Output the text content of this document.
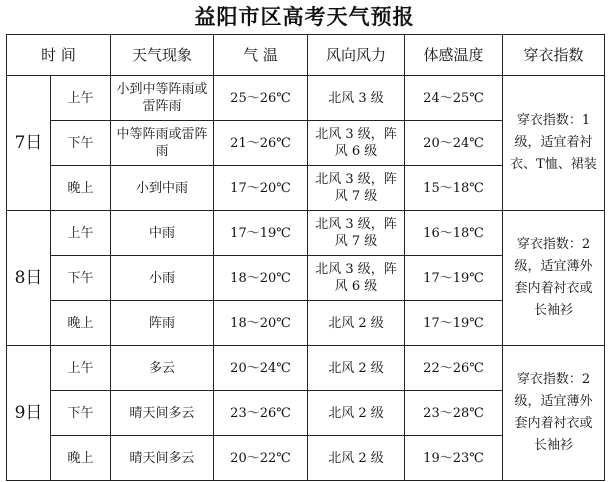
益阳市区高考天气预报
时 间		天气现象	气 温	风向风力	体感温度	穿衣指数
7日	上午	小到中等阵雨或雷阵雨	25～26℃	北风 3 级	24～25℃	穿衣指数：1级，适宜着衬衣、T恤、裙装
	下午	中等阵雨或雷阵雨	21～26℃	北风 3 级，阵风 6 级	20～24℃	
	晚上	小到中雨	17～20℃	北风 3 级，阵风 7 级	15～18℃	
8日	上午	中雨	17～19℃	北风 3 级，阵风 7 级	16～18℃	穿衣指数：2级，适宜薄外套内着衬衣或长袖衫
	下午	小雨	18～20℃	北风 3 级，阵风 6 级	17～19℃	
	晚上	阵雨	18～20℃	北风 2 级	17～19℃	
9日	上午	多云	20～24℃	北风 2 级	22～26℃	穿衣指数：2级，适宜薄外套内着衬衣或长袖衫
	下午	晴天间多云	23～26℃	北风 2 级	23～28℃	
	晚上	晴天间多云	20～22℃	北风 2 级	19～23℃	
